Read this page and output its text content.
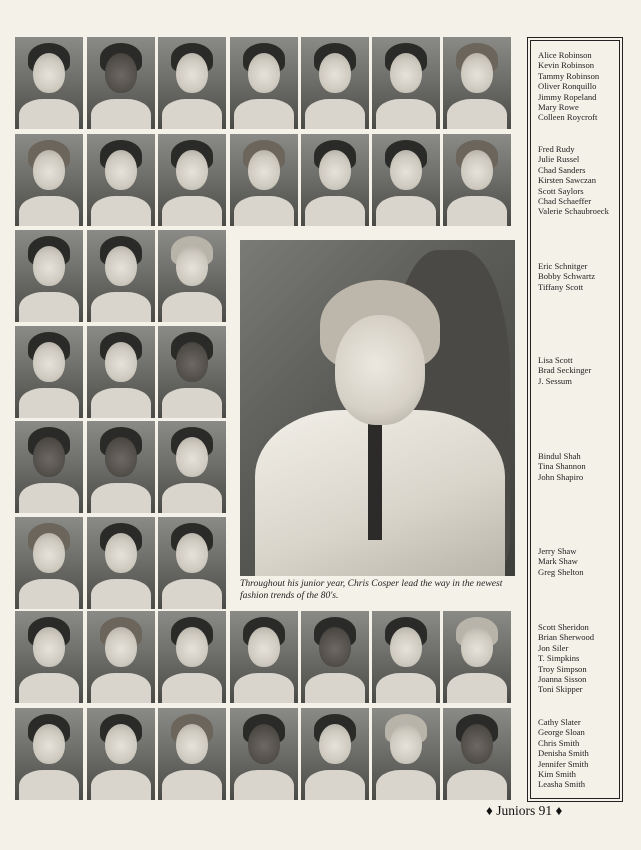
Throughout his junior year, Chris Cosper lead the way in the newest fashion trends of the 80's.
Alice Robinson
Kevin Robinson
Tammy Robinson
Oliver Ronquillo
Jimmy Ropeland
Mary Rowe
Colleen Roycroft
Fred Rudy
Julie Russel
Chad Sanders
Kirsten Sawczan
Scott Saylors
Chad Schaeffer
Valerie Schaubroeck
Eric Schnitger
Bobby Schwartz
Tiffany Scott
Lisa Scott
Brad Seckinger
J. Sessum
Bindul Shah
Tina Shannon
John Shapiro
Jerry Shaw
Mark Shaw
Greg Shelton
Scott Sheridon
Brian Sherwood
Jon Siler
T. Simpkins
Troy Simpson
Joanna Sisson
Toni Skipper
Cathy Slater
George Sloan
Chris Smith
Denisha Smith
Jennifer Smith
Kim Smith
Leasha Smith
♦ Juniors 91 ♦
